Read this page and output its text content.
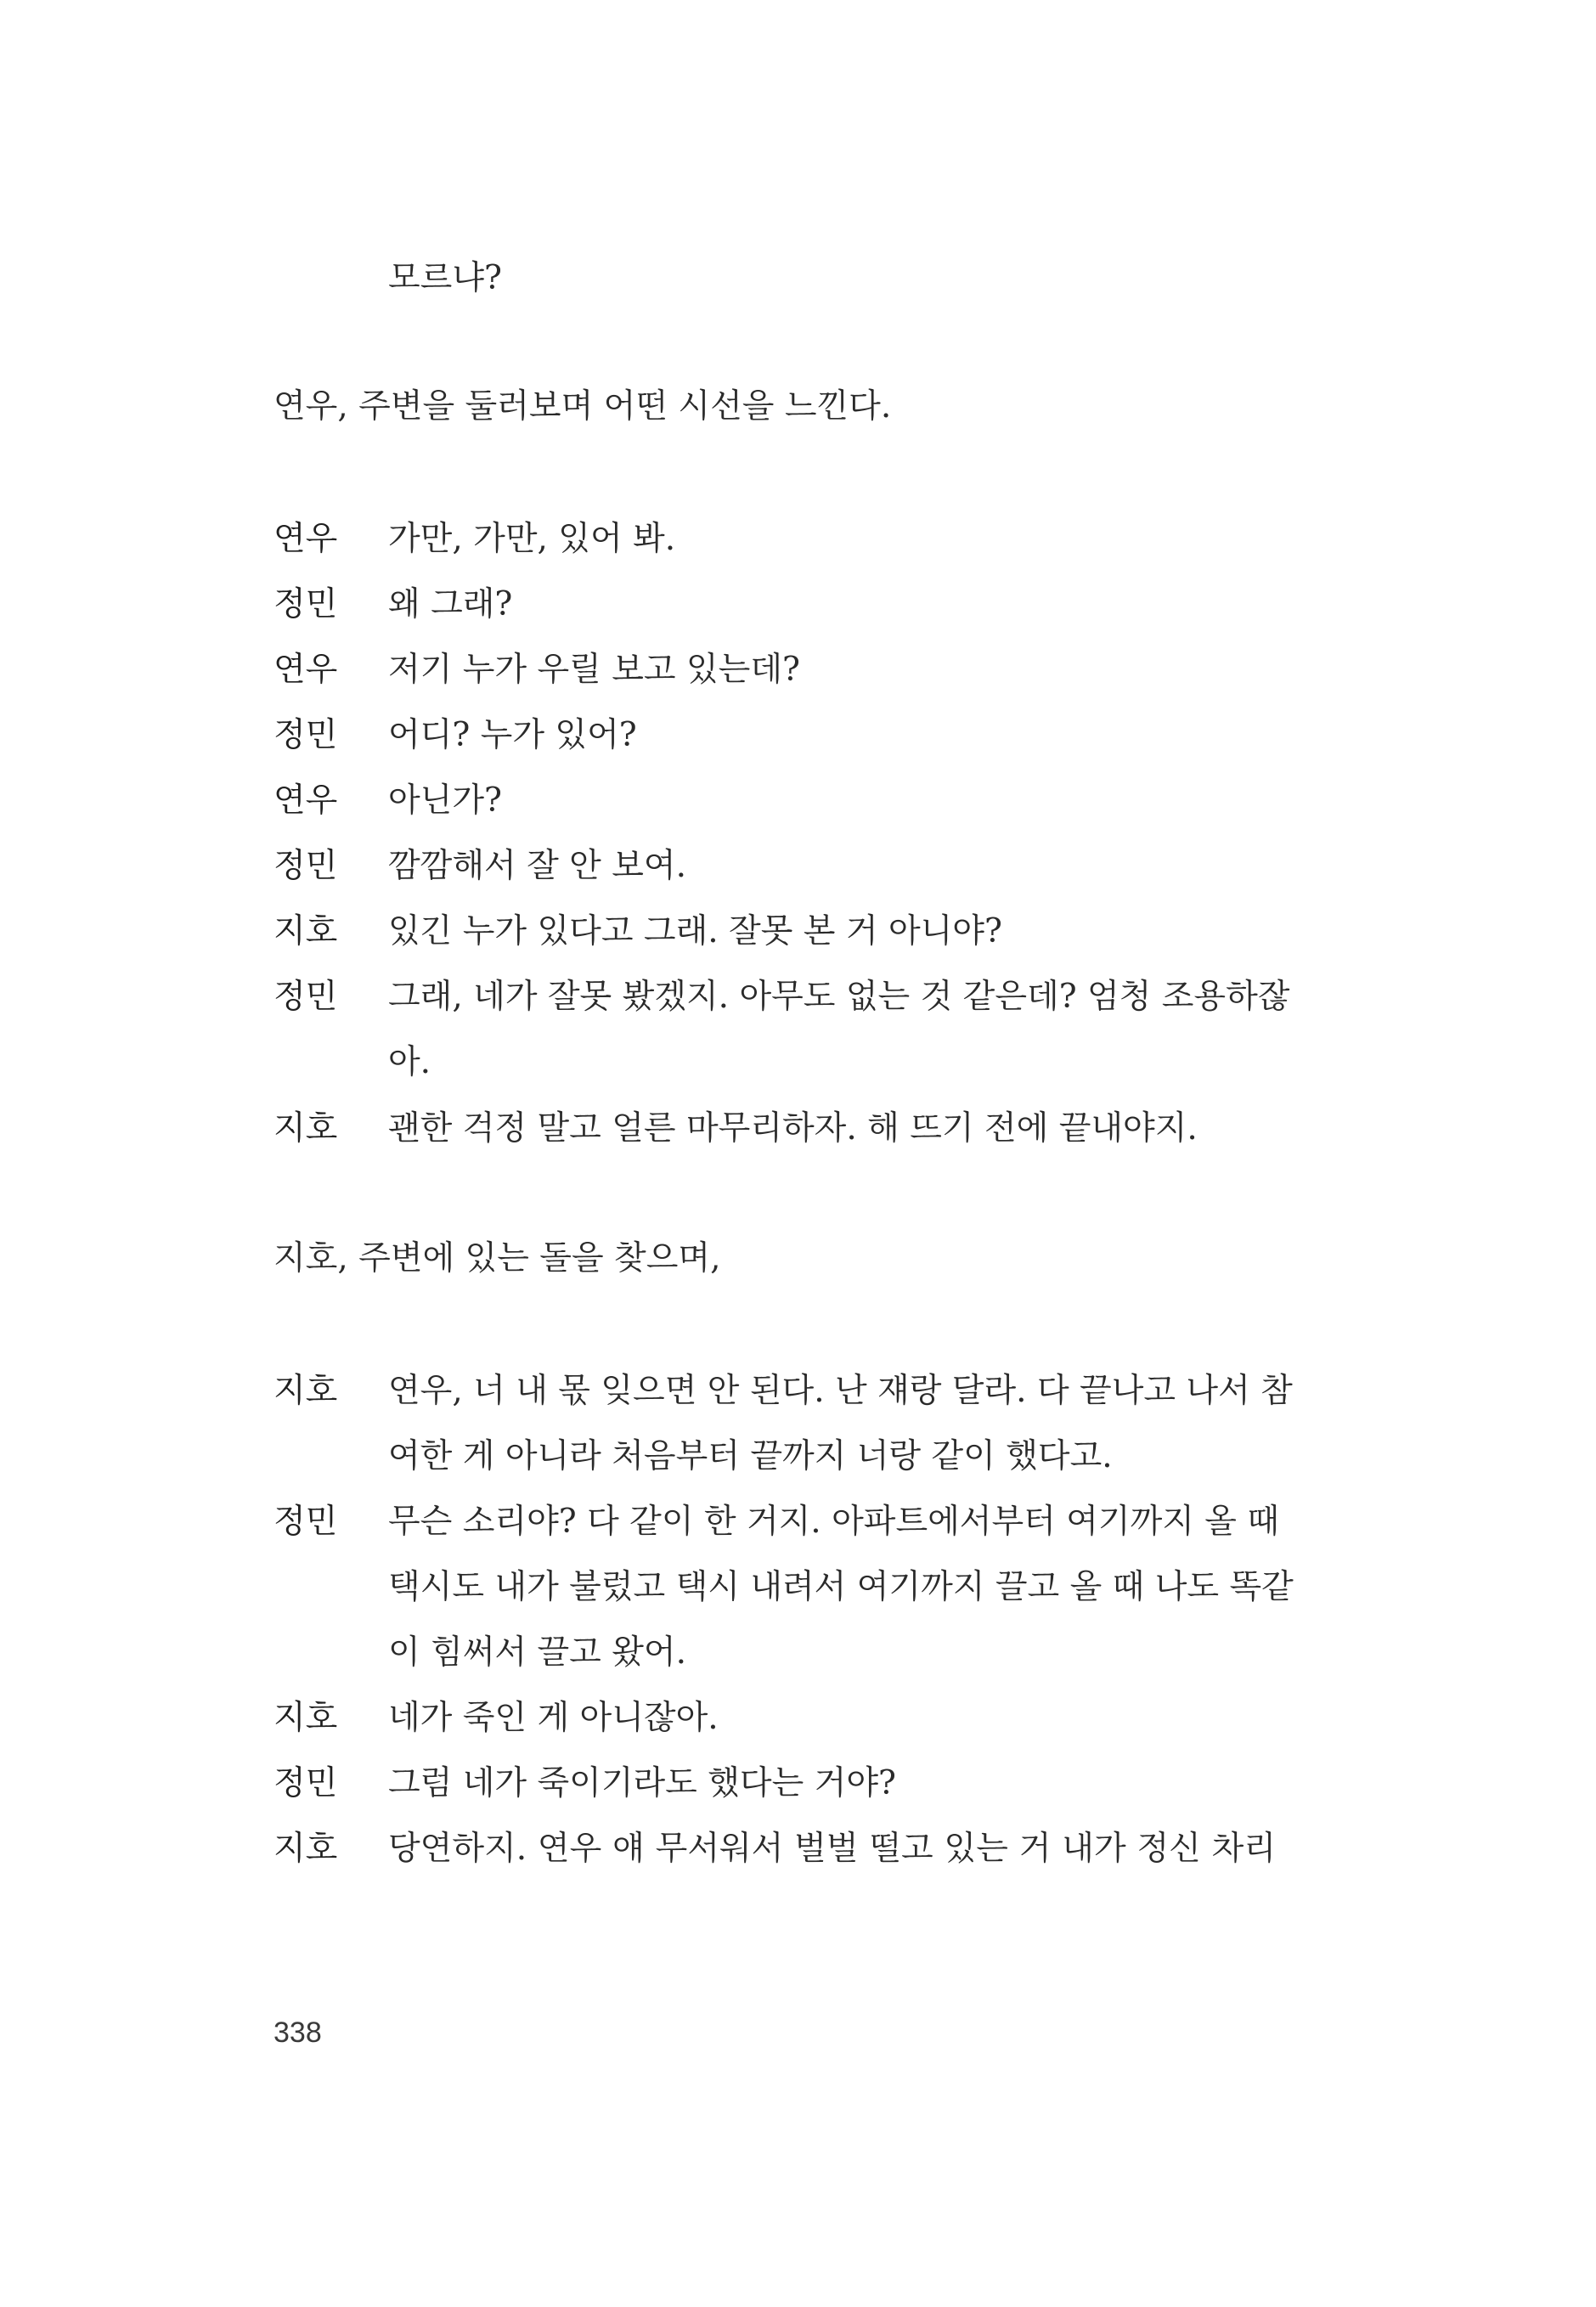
모르냐?
연우, 주변을 둘러보며 어떤 시선을 느낀다.
연우 가만, 가만, 있어 봐.
정민 왜 그래?
연우 저기 누가 우릴 보고 있는데?
정민 어디? 누가 있어?
연우 아닌가?
정민 깜깜해서 잘 안 보여.
지호 있긴 누가 있다고 그래. 잘못 본 거 아니야?
정민 그래, 네가 잘못 봤겠지. 아무도 없는 것 같은데? 엄청 조용하잖
아.
지호 괜한 걱정 말고 얼른 마무리하자. 해 뜨기 전에 끝내야지.
지호, 주변에 있는 돌을 찾으며,
지호 연우, 너 내 몫 잊으면 안 된다. 난 쟤랑 달라. 다 끝나고 나서 참
여한 게 아니라 처음부터 끝까지 너랑 같이 했다고.
정민 무슨 소리야? 다 같이 한 거지. 아파트에서부터 여기까지 올 때
택시도 내가 불렀고 택시 내려서 여기까지 끌고 올 때 나도 똑같
이 힘써서 끌고 왔어.
지호 네가 죽인 게 아니잖아.
정민 그럼 네가 죽이기라도 했다는 거야?
지호 당연하지. 연우 얘 무서워서 벌벌 떨고 있는 거 내가 정신 차리
338
